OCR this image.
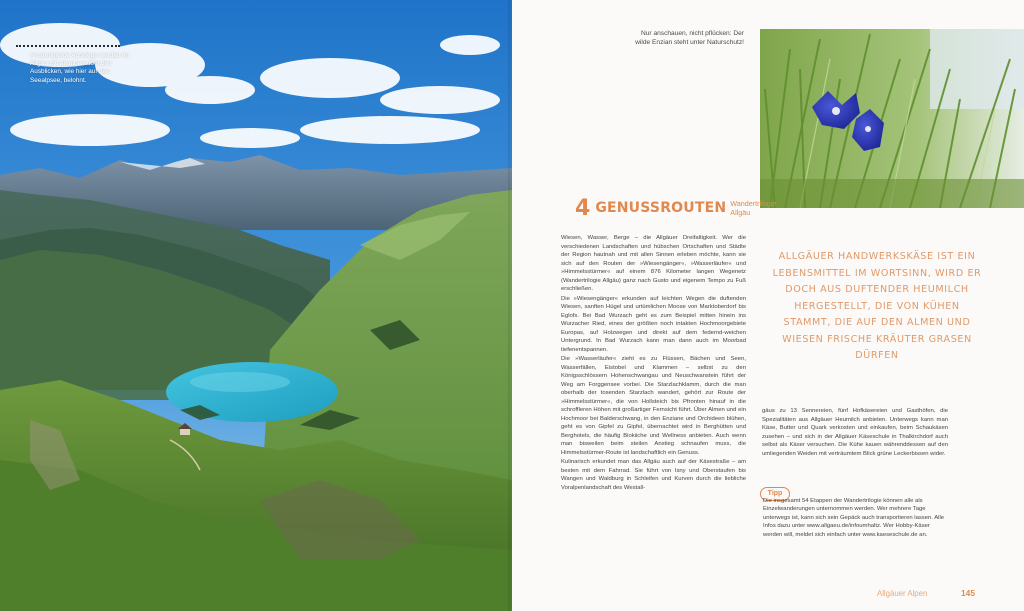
Anstrengende Aufstiege werden im Allgäu mit atemberaubenden Ausblicken, wie hier auf den Seealpsee, belohnt.
Nur anschauen, nicht pflücken: Der wilde Enzian steht unter Naturschutz!
4 GENUSSROUTEN Wandertrilogie Allgäu

Wiesen, Wasser, Berge – die Allgäuer Dreifaltigkeit. Wer die verschiedenen Landschaften und hübschen Ortschaften und Städte der Region hautnah und mit allen Sinnen erleben möchte, kann sie sich auf den Routen der »Wiesengänger«, »Wasserläufer« und »Himmelsstürmer« auf einem 876 Kilometer langen Wegenetz (Wandertrilogie Allgäu) ganz nach Gusto und eigenem Tempo zu Fuß erschließen.

Die »Wiesengänger« erkunden auf leichten Wegen die duftenden Wiesen, sanften Hügel und urtümlichen Moose von Marktoberdorf bis Eglofs. Bei Bad Wurzach geht es zum Beispiel mitten hinein ins Wurzacher Ried, eines der größten noch intakten Hochmoorgebiete Europas, auf Holzwegen und direkt auf dem federnd-weichen Untergrund. In Bad Wurzach kann man dann auch im Moorbad tiefenentspannen.

Die »Wasserläufer« zieht es zu Flüssen, Bächen und Seen, Wasserfällen, Eistobel und Klammen – selbst zu den Königsschlössern Hohenschwangau und Neuschwanstein führt der Weg am Forggensee vorbei. Die Starzlachklamm, durch die man oberhalb der tosenden Starzlach wandert, gehört zur Route der »Himmelsstürmer«, die von Hollsteich bis Pfronten hinauf in die schroffleren Höhen mit großartiger Fernsicht führt. Über Almen und ein Hochmoor bei Balderschwang, in den Enziane und Orchideen blühen, geht es von Gipfel zu Gipfel, übernachtet wird in Berghütten und Berghotels, die häufig Biokiiche und Wellness anbieten. Auch wenn man bisweilen beim steilen Anstieg schnaufen muss, die Himmelsstürmer-Route ist landschaftlich ein Genuss.

Kulinarisch erkundet man das Allgäu auch auf der Käsestraße – am besten mit dem Fahrrad. Sie führt von Isny und Oberstaufen bis Wangen und Waldburg in Schleifen und Kurven durch die liebliche Voralpenlandschaft des Westall-

ALLGÄUER HANDWERKSKÄSE IST EIN LEBENSMITTEL IM WORTSINN, WIRD ER DOCH AUS DUFTENDER HEUMILCH HERGESTELLT, DIE VON KÜHEN STAMMT, DIE AUF DEN ALMEN UND WIESEN FRISCHE KRÄUTER GRASEN DÜRFEN
gäus zu 13 Sennereien, fünf Hofkäsereien und Gasthöfen, die Spezialitäten aus Allgäuer Heumilch anbieten. Unterwegs kann man Käse, Butter und Quark verkosten und einkaufen, beim Schaukäsen zusehen – und sich in der Allgäuer Käseschule in Thalkirchdorf auch selbst als Käser versuchen. Die Kühe kauen währenddessen auf den umliegenden Weiden mit verträumtem Blick grüne Leckerbissen wider.
Tipp
Die insgesamt 54 Etappen der Wandertrilogie können alle als Einzelwanderungen unternommen werden. Wer mehrere Tage unterwegs ist, kann sich sein Gepäck auch transportieren lassen. Alle Infos dazu unter www.allgaeu.de/infoumhaltz. Wer Hobby-Käser werden will, meldet sich einfach unter www.kaeseschule.de an.
Allgäuer Alpen	145
